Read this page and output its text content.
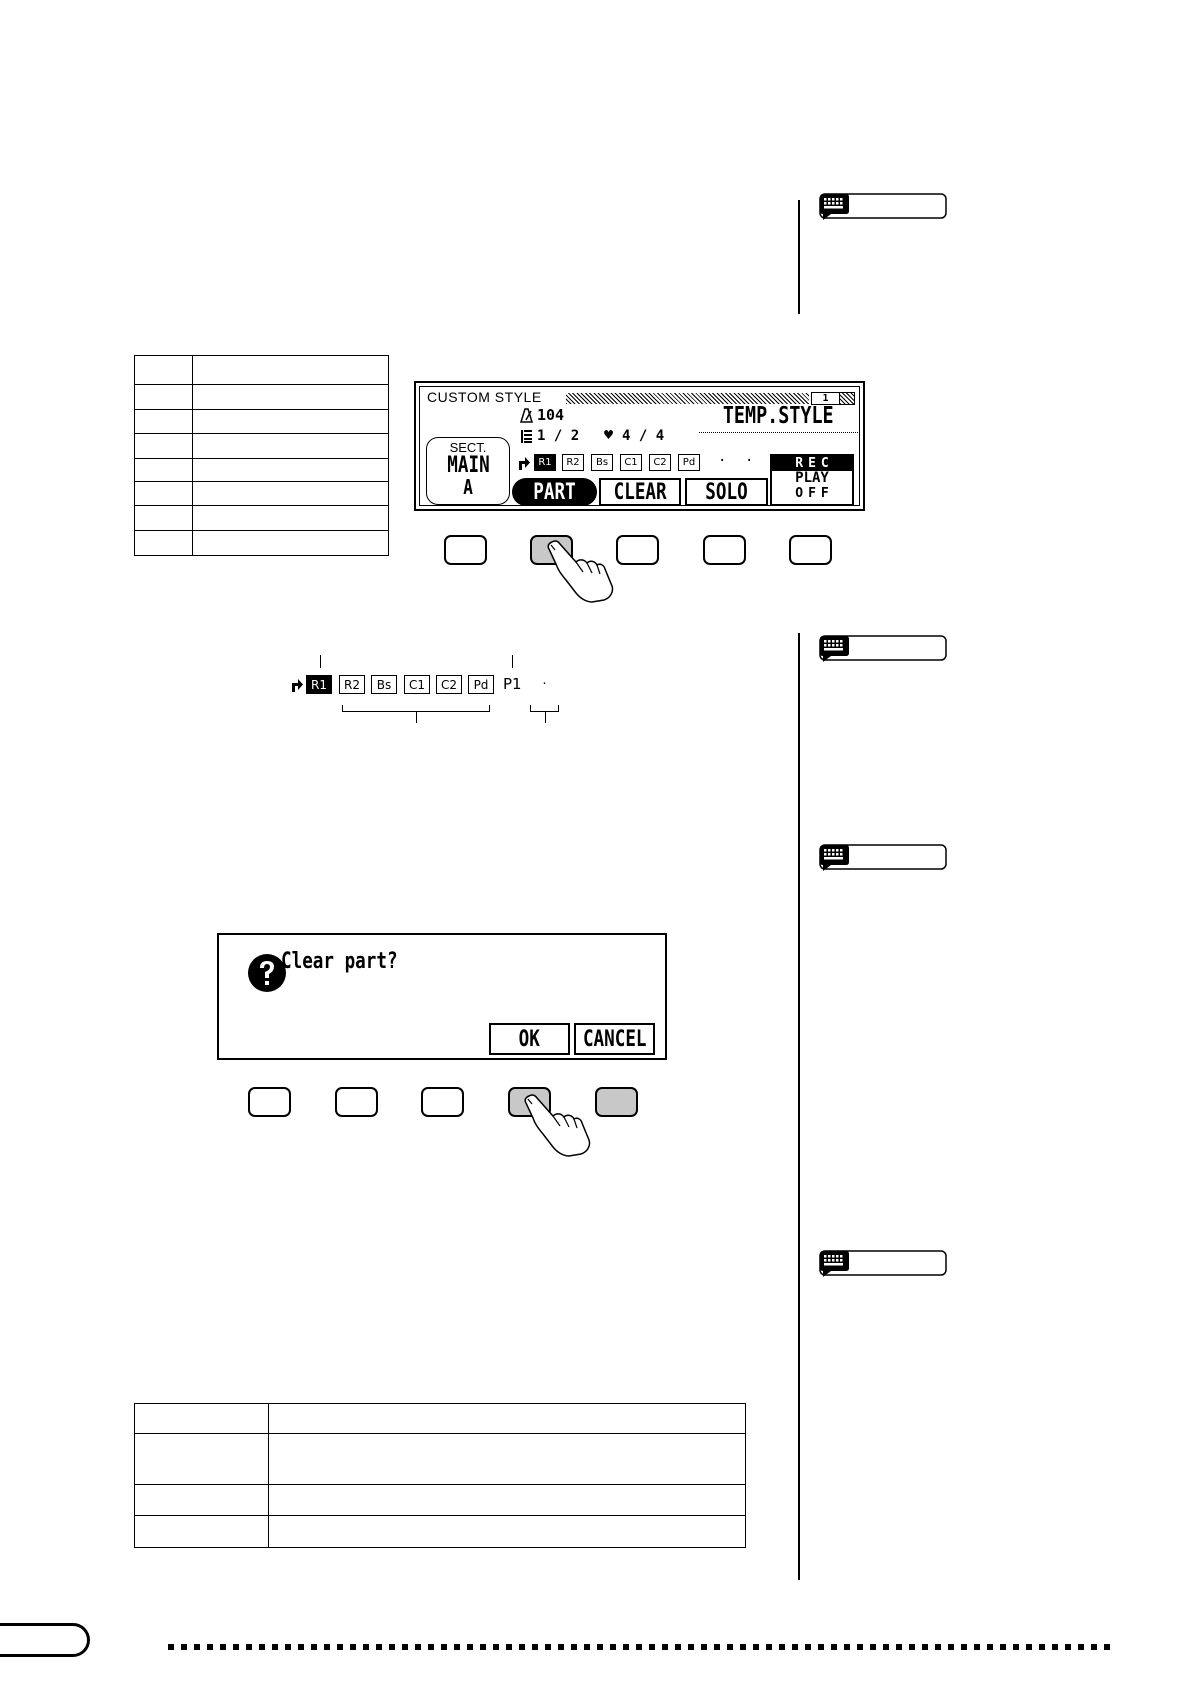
CUSTOM STYLE	1
104	TEMP.STYLE
1 / 2 ♥ 4 / 4
SECT.
MAIN
A
R1	R2	Bs	C1	C2	Pd	· ·	REC
PLAY
OFF
PART CLEAR SOLO
R1	R2	Bs	C1	C2	Pd P1 ·
Clear part?
OK CANCEL
